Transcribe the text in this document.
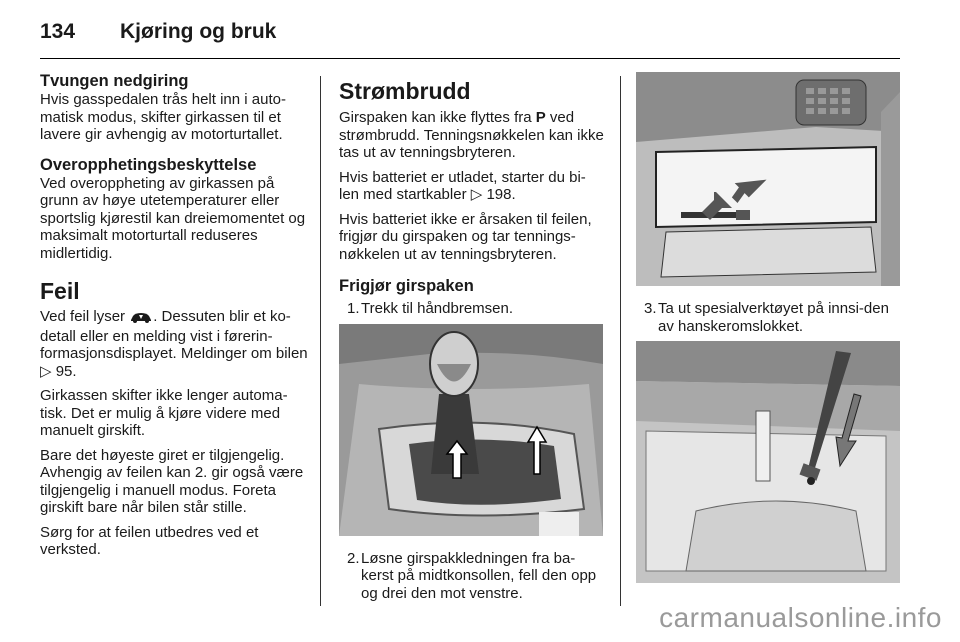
134 Kjøring og bruk
Tvungen nedgiring

Hvis gasspedalen trås helt inn i auto-matisk modus, skifter girkassen til et lavere gir avhengig av motorturtallet.

Overopphetingsbeskyttelse

Ved overoppheting av girkassen på grunn av høye utetemperaturer eller sportslig kjørestil kan dreiemomentet og maksimalt motorturtall reduseres midlertidig.

Feil

Ved feil lyser . Dessuten blir et ko-detall eller en melding vist i førerin-formasjonsdisplayet. Meldinger om bilen ▷ 95.

Girkassen skifter ikke lenger automa-tisk. Det er mulig å kjøre videre med manuelt girskift.

Bare det høyeste giret er tilgjengelig. Avhengig av feilen kan 2. gir også være tilgjengelig i manuell modus. Foreta girskift bare når bilen står stille.

Sørg for at feilen utbedres ved et verksted.

Strømbrudd

Girspaken kan ikke flyttes fra P ved strømbrudd. Tenningsnøkkelen kan ikke tas ut av tenningsbryteren.

Hvis batteriet er utladet, starter du bi-len med startkabler ▷ 198.

Hvis batteriet ikke er årsaken til feilen, frigjør du girspaken og tar tennings-nøkkelen ut av tenningsbryteren.

Frigjør girspaken
1. Trekk til håndbremsen.
2. Løsne girspakkledningen fra ba-kerst på midtkonsollen, fell den opp og drei den mot venstre.
3. Ta ut spesialverktøyet på innsi-den av hanskeromslokket.
carmanualsonline.info
